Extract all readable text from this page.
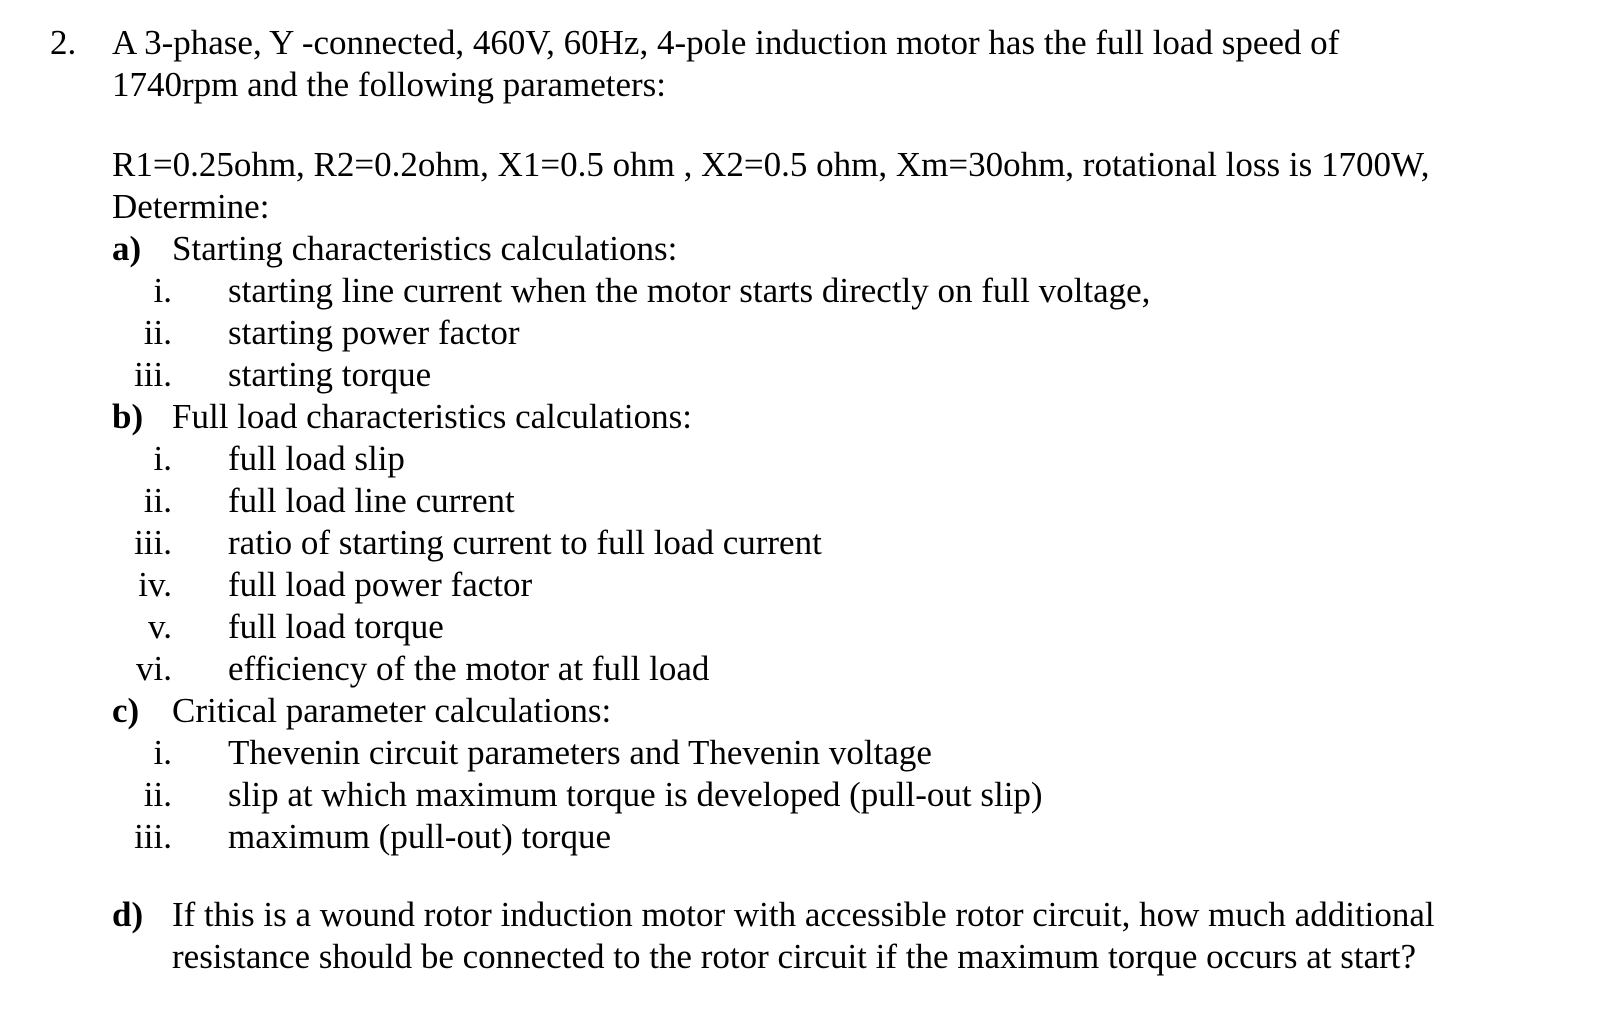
2.	A 3-phase, Y -connected, 460V, 60Hz, 4-pole induction motor has the full load speed of 1740rpm and the following parameters:
R1=0.25ohm, R2=0.2ohm, X1=0.5 ohm , X2=0.5 ohm, Xm=30ohm, rotational loss is 1700W, Determine:
a) Starting characteristics calculations:
i. starting line current when the motor starts directly on full voltage,
ii. starting power factor
iii. starting torque
b) Full load characteristics calculations:
i. full load slip
ii. full load line current
iii. ratio of starting current to full load current
iv. full load power factor
v. full load torque
vi. efficiency of the motor at full load
c) Critical parameter calculations:
i. Thevenin circuit parameters and Thevenin voltage
ii. slip at which maximum torque is developed (pull-out slip)
iii. maximum (pull-out) torque
d) If this is a wound rotor induction motor with accessible rotor circuit, how much additional resistance should be connected to the rotor circuit if the maximum torque occurs at start?
